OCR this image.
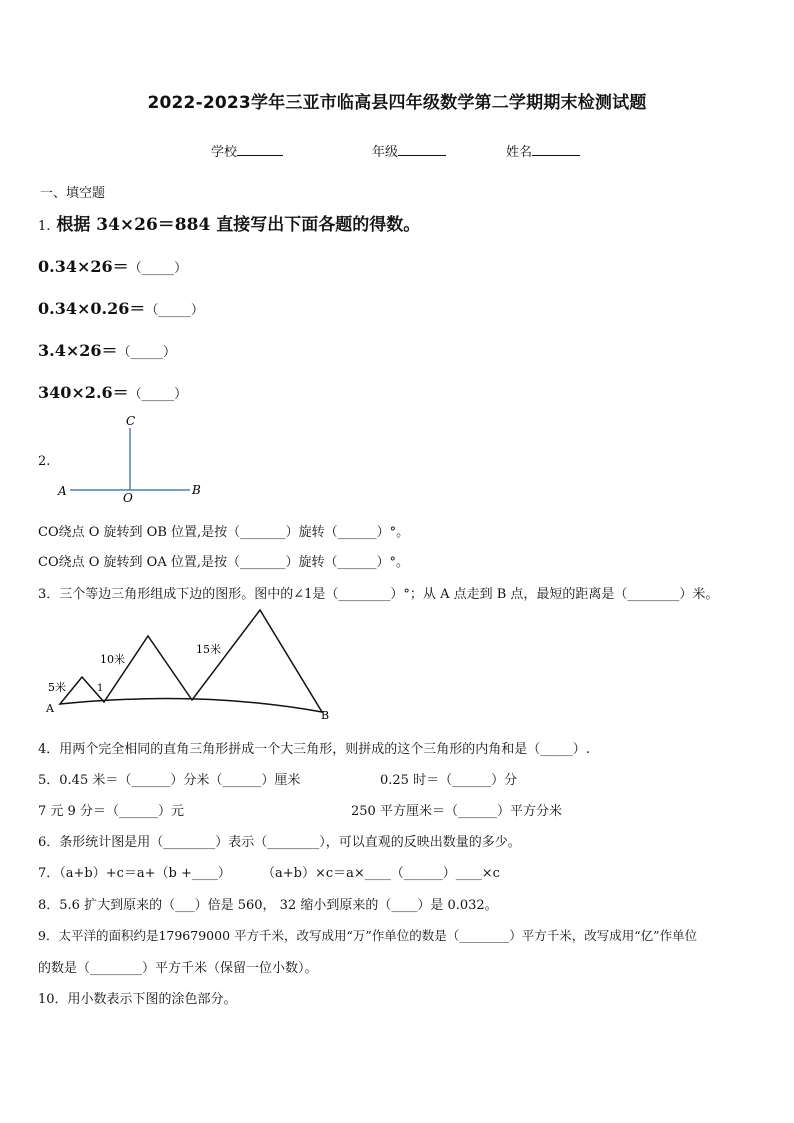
2022-2023学年三亚市临高县四年级数学第二学期期末检测试题
学校	年级	姓名
一、填空题
1. 根据 34×26＝884 直接写出下面各题的得数。
0.34×26＝（_____）
0.34×0.26＝（_____）
3.4×26＝（_____）
340×2.6＝（_____）
2.
C
A	B
O
CO绕点 O 旋转到 OB 位置,是按（_______）旋转（______）°。
CO绕点 O 旋转到 OA 位置,是按（_______）旋转（______）°。
3．三个等边三角形组成下边的图形。图中的∠1是（________）°；从 A 点走到 B 点，最短的距离是（________）米。
5米
10米
15米
1
A
B
4．用两个完全相同的直角三角形拼成一个大三角形，则拼成的这个三角形的内角和是（_____）.
5．0.45 米＝（______）分米（______）厘米	0.25 时＝（______）分
7 元 9 分＝（______）元	250 平方厘米＝（______）平方分米
6．条形统计图是用（________）表示（________），可以直观的反映出数量的多少。
7．（a+b）+c＝a+（b +____） （a+b）×c＝a×____（______）____×c
8．5.6 扩大到原来的（___）倍是 560， 32 缩小到原来的（____）是 0.032。
9．太平洋的面积约是179679000 平方千米，改写成用“万”作单位的数是（________）平方千米，改写成用“亿”作单位
的数是（________）平方千米（保留一位小数）。
10．用小数表示下图的涂色部分。
